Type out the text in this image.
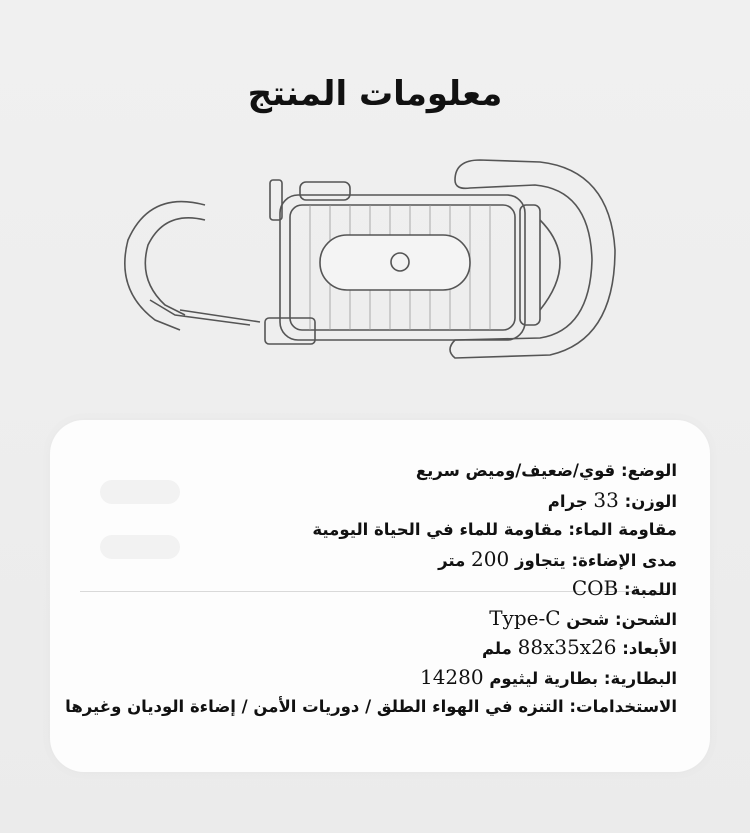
معلومات المنتج
الوضع: قوي/ضعيف/وميض سريع
الوزن: 33 جرام
مقاومة الماء: مقاومة للماء في الحياة اليومية
مدى الإضاءة: يتجاوز 200 متر
اللمبة: COB
الشحن: شحن Type-C
الأبعاد: 88x35x26 ملم
البطارية: بطارية ليثيوم 14280
الاستخدامات: التنزه في الهواء الطلق / دوريات الأمن / إضاءة الوديان وغيرها
